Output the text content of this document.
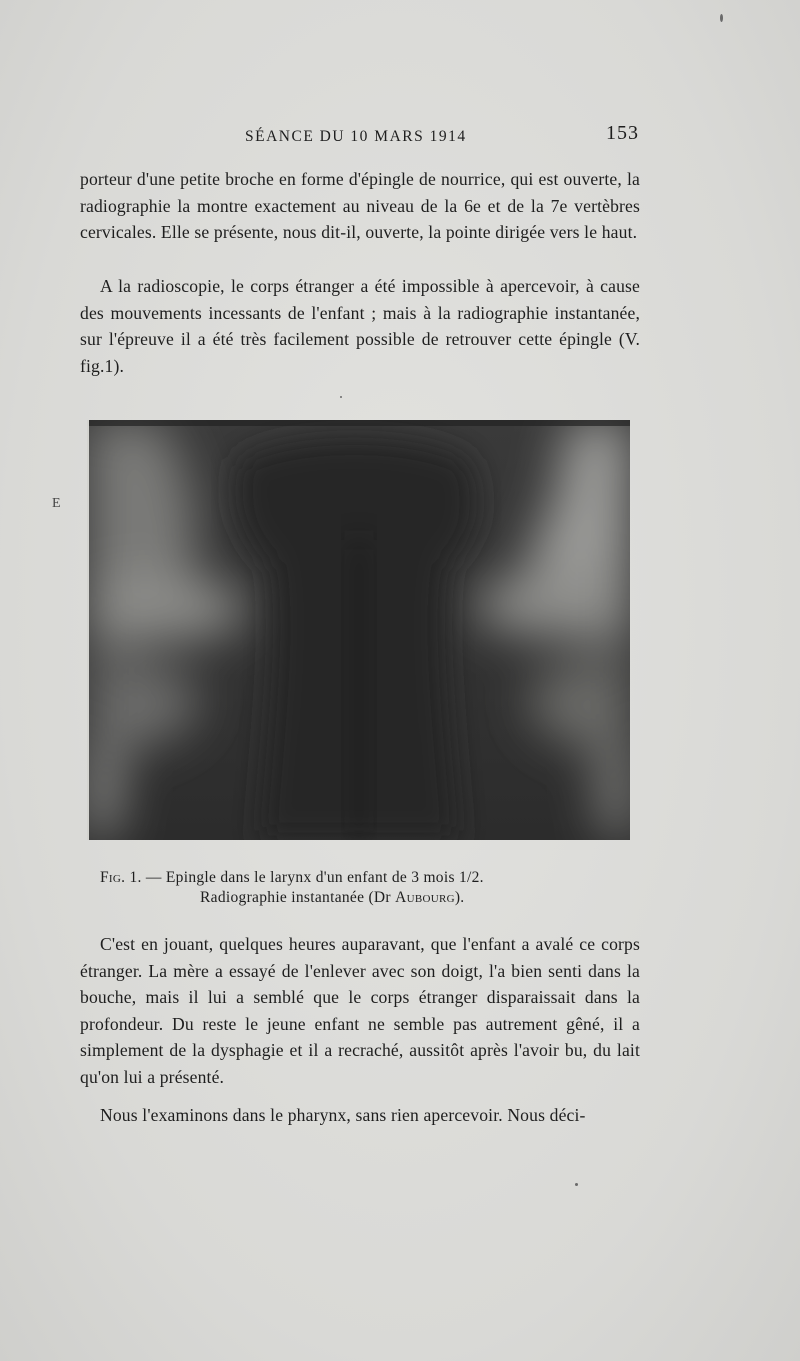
SÉANCE DU 10 MARS 1914	153
E

porteur d'une petite broche en forme d'épingle de nourrice, qui est ouverte, la radiographie la montre exactement au niveau de la 6e et de la 7e vertèbres cervicales. Elle se présente, nous dit-il, ouverte, la pointe dirigée vers le haut.

A la radioscopie, le corps étranger a été impossible à apercevoir, à cause des mouvements incessants de l'enfant ; mais à la radiographie instantanée, sur l'épreuve il a été très facilement possible de retrouver cette épingle (V. fig.1).

Fig. 1. — Epingle dans le larynx d'un enfant de 3 mois 1/2.
Radiographie instantanée (Dr Aubourg).

C'est en jouant, quelques heures auparavant, que l'enfant a avalé ce corps étranger. La mère a essayé de l'enlever avec son doigt, l'a bien senti dans la bouche, mais il lui a semblé que le corps étranger disparaissait dans la profondeur. Du reste le jeune enfant ne semble pas autrement gêné, il a simplement de la dysphagie et il a recraché, aussitôt après l'avoir bu, du lait qu'on lui a présenté.

Nous l'examinons dans le pharynx, sans rien apercevoir. Nous déci-
